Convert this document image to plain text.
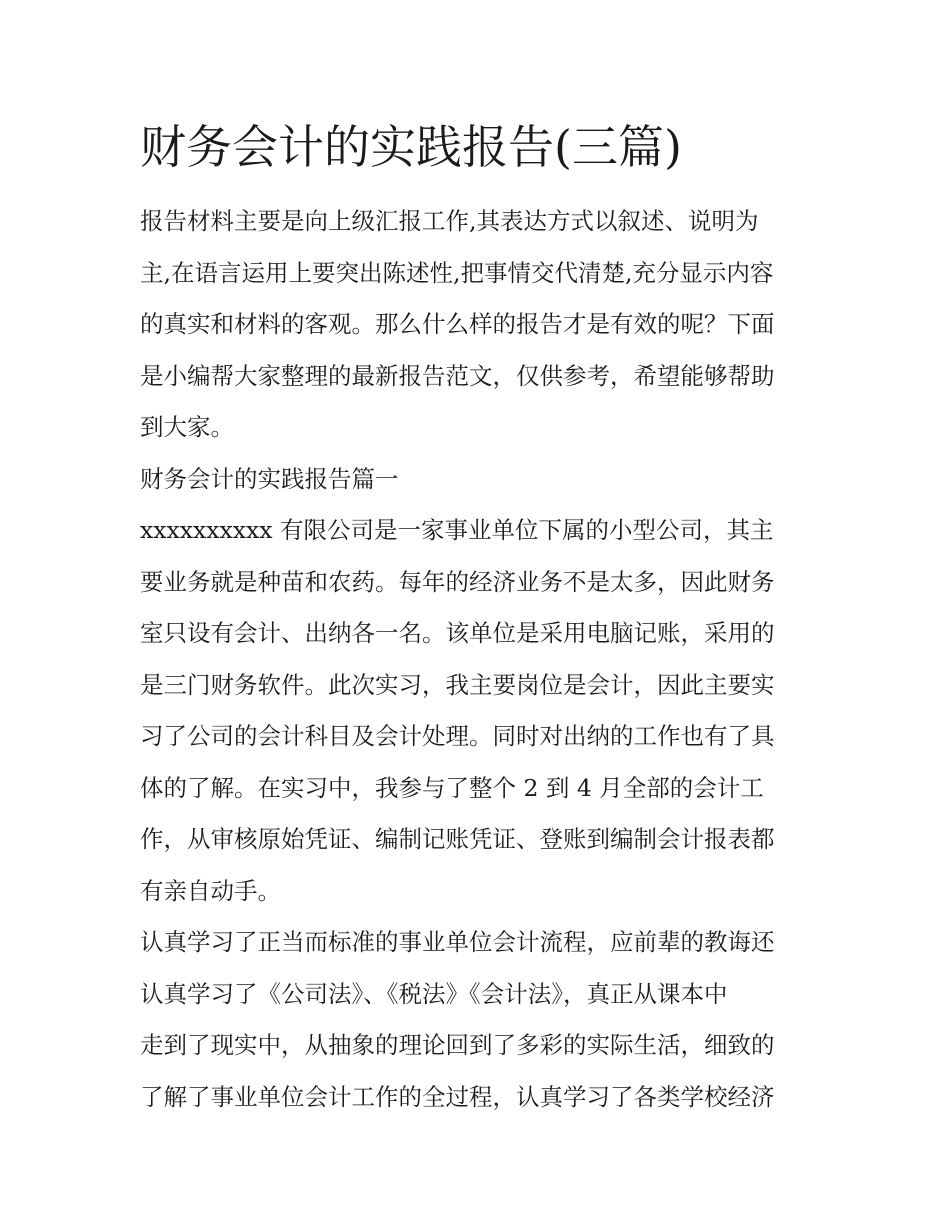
财务会计的实践报告(三篇)
报告材料主要是向上级汇报工作,其表达方式以叙述、说明为
主,在语言运用上要突出陈述性,把事情交代清楚,充分显示内容
的真实和材料的客观。那么什么样的报告才是有效的呢？下面
是小编帮大家整理的最新报告范文，仅供参考，希望能够帮助
到大家。
财务会计的实践报告篇一
xxxxxxxxxx 有限公司是一家事业单位下属的小型公司，其主
要业务就是种苗和农药。每年的经济业务不是太多，因此财务
室只设有会计、出纳各一名。该单位是采用电脑记账，采用的
是三门财务软件。此次实习，我主要岗位是会计，因此主要实
习了公司的会计科目及会计处理。同时对出纳的工作也有了具
体的了解。在实习中，我参与了整个 2 到 4 月全部的会计工
作，从审核原始凭证、编制记账凭证、登账到编制会计报表都
有亲自动手。
认真学习了正当而标准的事业单位会计流程，应前辈的教诲还
认真学习了《公司法》、《税法》《会计法》，真正从课本中
走到了现实中，从抽象的理论回到了多彩的实际生活，细致的
了解了事业单位会计工作的全过程，认真学习了各类学校经济
